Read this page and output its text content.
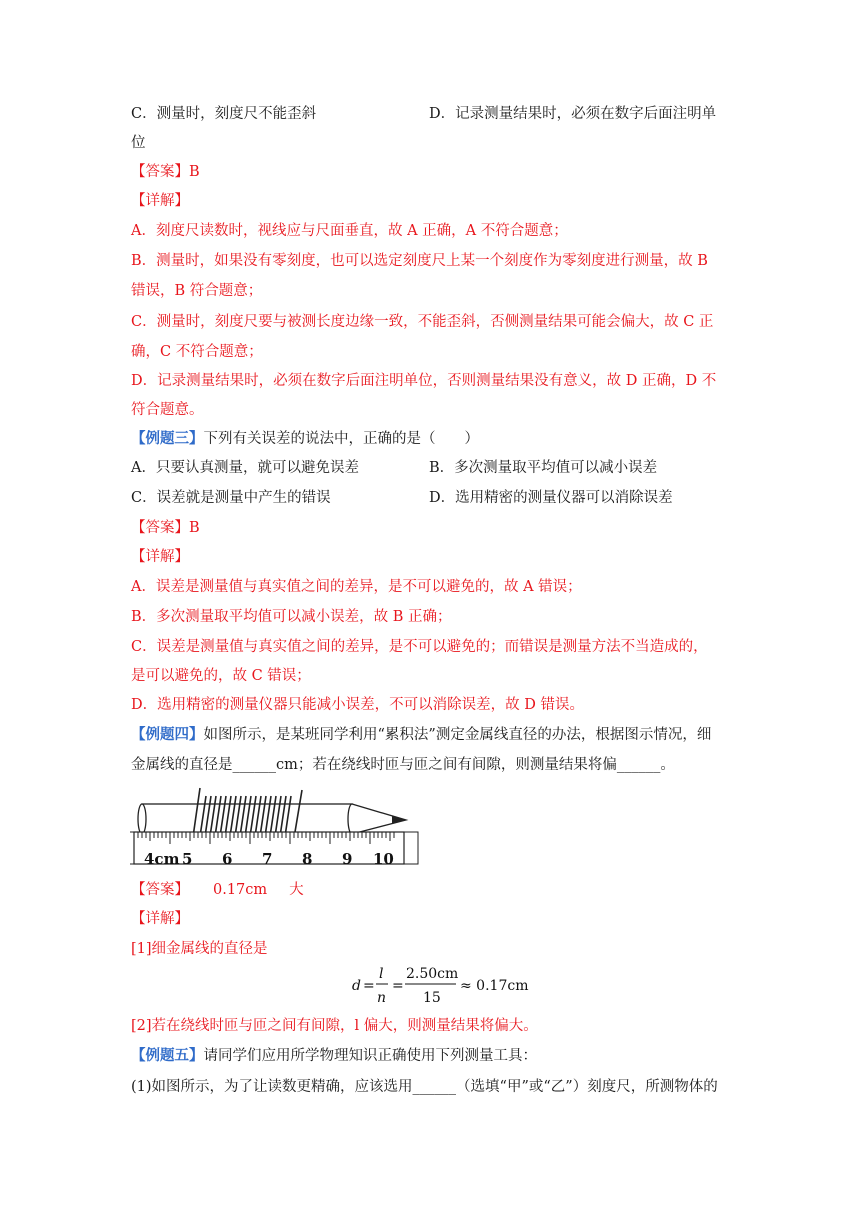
C．测量时，刻度尺不能歪斜	D．记录测量结果时，必须在数字后面注明单
位
【答案】B
【详解】
A．刻度尺读数时，视线应与尺面垂直，故 A 正确，A 不符合题意；
B．测量时，如果没有零刻度，也可以选定刻度尺上某一个刻度作为零刻度进行测量，故 B
错误，B 符合题意；
C．测量时，刻度尺要与被测长度边缘一致，不能歪斜，否侧测量结果可能会偏大，故 C 正
确，C 不符合题意；
D．记录测量结果时，必须在数字后面注明单位，否则测量结果没有意义，故 D 正确，D 不
符合题意。
【例题三】下列有关误差的说法中，正确的是（　　）
A．只要认真测量，就可以避免误差	B．多次测量取平均值可以减小误差
C．误差就是测量中产生的错误	D．选用精密的测量仪器可以消除误差
【答案】B
【详解】
A．误差是测量值与真实值之间的差异，是不可以避免的，故 A 错误；
B．多次测量取平均值可以减小误差，故 B 正确；
C．误差是测量值与真实值之间的差异，是不可以避免的；而错误是测量方法不当造成的，
是可以避免的，故 C 错误；
D．选用精密的测量仪器只能减小误差，不可以消除误差，故 D 错误。
【例题四】如图所示，是某班同学利用“累积法”测定金属线直径的办法，根据图示情况，细
金属线的直径是______cm；若在绕线时匝与匝之间有间隙，则测量结果将偏______。
4cm 5 6 7 8 9 10
【答案】 0.17cm 大
【详解】
[1]细金属线的直径是
d =
l
n
=
2.50cm
15
≈ 0.17cm
[2]若在绕线时匝与匝之间有间隙，l 偏大，则测量结果将偏大。
【例题五】请同学们应用所学物理知识正确使用下列测量工具：
(1)如图所示，为了让读数更精确，应该选用______（选填“甲”或“乙”）刻度尺，所测物体的
